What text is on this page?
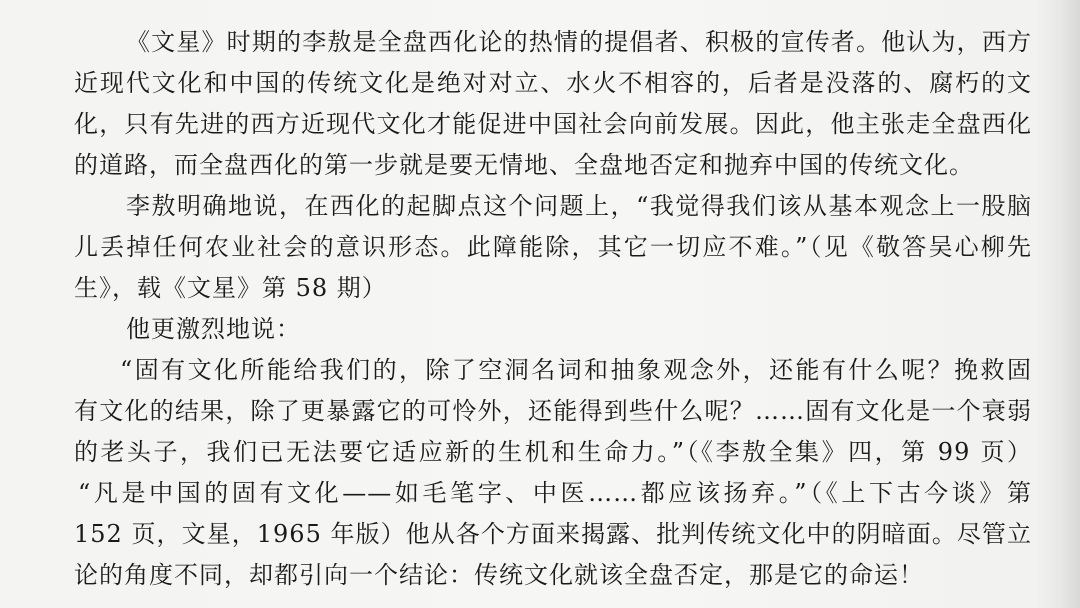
《文星》时期的李敖是全盘西化论的热情的提倡者、积极的宣传者。他认为，西方
近现代文化和中国的传统文化是绝对对立、水火不相容的，后者是没落的、腐朽的文
化，只有先进的西方近现代文化才能促进中国社会向前发展。因此，他主张走全盘西化
的道路，而全盘西化的第一步就是要无情地、全盘地否定和抛弃中国的传统文化。
李敖明确地说，在西化的起脚点这个问题上，“我觉得我们该从基本观念上一股脑
儿丢掉任何农业社会的意识形态。此障能除，其它一切应不难。”（见《敬答吴心柳先
生》，载《文星》第 58 期）
他更激烈地说：
“固有文化所能给我们的，除了空洞名词和抽象观念外，还能有什么呢？挽救固
有文化的结果，除了更暴露它的可怜外，还能得到些什么呢？……固有文化是一个衰弱
的老头子，我们已无法要它适应新的生机和生命力。”（《李敖全集》四，第 99 页）
“凡是中国的固有文化——如毛笔字、中医……都应该扬弃。”（《上下古今谈》第
152 页，文星，1965 年版）他从各个方面来揭露、批判传统文化中的阴暗面。尽管立
论的角度不同，却都引向一个结论：传统文化就该全盘否定，那是它的命运！
